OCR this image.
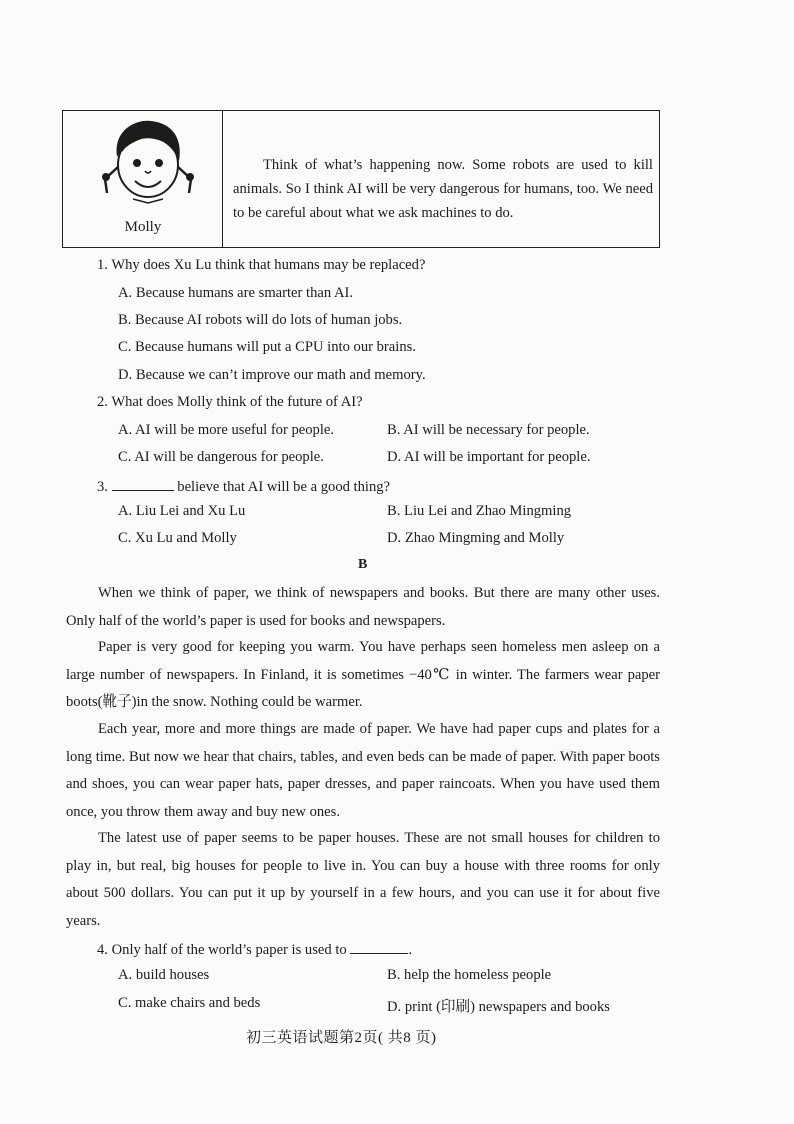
Molly
Think of what’s happening now. Some robots are used to kill animals. So I think AI will be very dangerous for humans, too. We need to be careful about what we ask machines to do.
1. Why does Xu Lu think that humans may be replaced?
A. Because humans are smarter than AI.
B. Because AI robots will do lots of human jobs.
C. Because humans will put a CPU into our brains.
D. Because we can’t improve our math and memory.
2. What does Molly think of the future of AI?
A. AI will be more useful for people.	B. AI will be necessary for people.
C. AI will be dangerous for people.	D. AI will be important for people.
3.	believe that AI will be a good thing?
A. Liu Lei and Xu Lu	B. Liu Lei and Zhao Mingming
C. Xu Lu and Molly	D. Zhao Mingming and Molly
B
When we think of paper, we think of newspapers and books. But there are many other uses. Only half of the world’s paper is used for books and newspapers.
Paper is very good for keeping you warm. You have perhaps seen homeless men asleep on a large number of newspapers. In Finland, it is sometimes −40℃ in winter. The farmers wear paper boots(靴子)in the snow. Nothing could be warmer.
Each year, more and more things are made of paper. We have had paper cups and plates for a long time. But now we hear that chairs, tables, and even beds can be made of paper. With paper boots and shoes, you can wear paper hats, paper dresses, and paper raincoats. When you have used them once, you throw them away and buy new ones.
The latest use of paper seems to be paper houses. These are not small houses for children to play in, but real, big houses for people to live in. You can buy a house with three rooms for only about 500 dollars. You can put it up by yourself in a few hours, and you can use it for about five years.
4. Only half of the world’s paper is used to	.
A. build houses	B. help the homeless people
C. make chairs and beds	D. print (印刷) newspapers and books
初三英语试题第2页( 共8 页)
